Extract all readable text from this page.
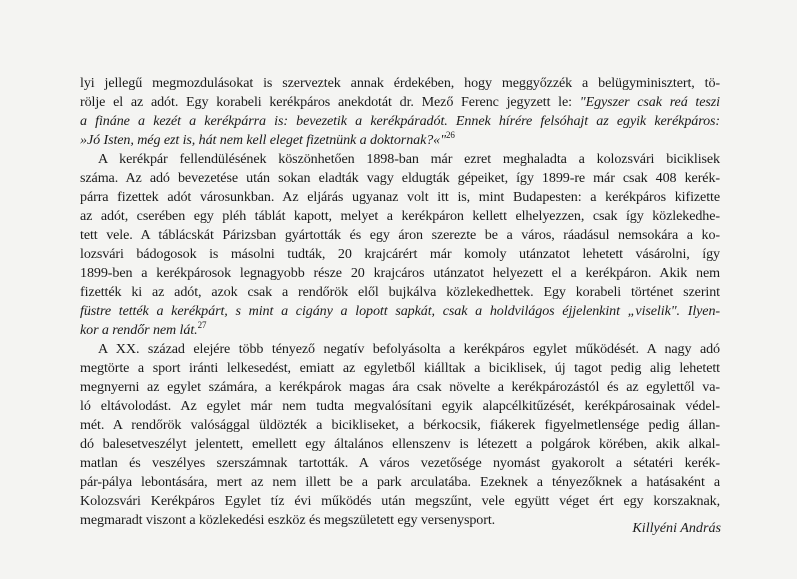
lyi jellegű megmozdulásokat is szerveztek annak érdekében, hogy meggyőzzék a belügyminisztert, tö-
rölje el az adót. Egy korabeli kerékpáros anekdotát dr. Mező Ferenc jegyzett le: "Egyszer csak reá teszi
a fináne a kezét a kerékpárra is: bevezetik a kerékpáradót. Ennek hírére felsóhajt az egyik kerékpáros:
»Jó Isten, még ezt is, hát nem kell eleget fizetnünk a doktornak?«"$^{26}$
A kerékpár fellendülésének köszönhetően 1898-ban már ezret meghaladta a kolozsvári biciklisek
száma. Az adó bevezetése után sokan eladták vagy eldugták gépeiket, így 1899-re már csak 408 kerék-
párra fizettek adót városunkban. Az eljárás ugyanaz volt itt is, mint Budapesten: a kerékpáros kifizette
az adót, cserében egy pléh táblát kapott, melyet a kerékpáron kellett elhelyezzen, csak így közlekedhe-
tett vele. A táblácskát Párizsban gyártották és egy áron szerezte be a város, ráadásul nemsokára a ko-
lozsvári bádogosok is másolni tudták, 20 krajcárért már komoly utánzatot lehetett vásárolni, így
1899-ben a kerékpárosok legnagyobb része 20 krajcáros utánzatot helyezett el a kerékpáron. Akik nem
fizették ki az adót, azok csak a rendőrök elől bujkálva közlekedhettek. Egy korabeli történet szerint
füstre tették a kerékpárt, s mint a cigány a lopott sapkát, csak a holdvilágos éjjelenkint „viselik". Ilyen-
kor a rendőr nem lát.$^{27}$
A XX. század elejére több tényező negatív befolyásolta a kerékpáros egylet működését. A nagy adó
megtörte a sport iránti lelkesedést, emiatt az egyletből kiálltak a biciklisek, új tagot pedig alig lehetett
megnyerni az egylet számára, a kerékpárok magas ára csak növelte a kerékpározástól és az egylettől va-
ló eltávolodást. Az egylet már nem tudta megvalósítani egyik alapcélkitűzését, kerékpárosainak védel-
mét. A rendőrök valósággal üldözték a bicikliseket, a bérkocsik, fiákerek figyelmetlensége pedig állan-
dó balesetveszélyt jelentett, emellett egy általános ellenszenv is létezett a polgárok körében, akik alkal-
matlan és veszélyes szerszámnak tartották. A város vezetősége nyomást gyakorolt a sétatéri kerék-
pár-pálya lebontására, mert az nem illett be a park arculatába. Ezeknek a tényezőknek a hatásaként a
Kolozsvári Kerékpáros Egylet tíz évi működés után megszűnt, vele együtt véget ért egy korszaknak,
megmaradt viszont a közlekedési eszköz és megszületett egy versenysport.	Killyéni András
